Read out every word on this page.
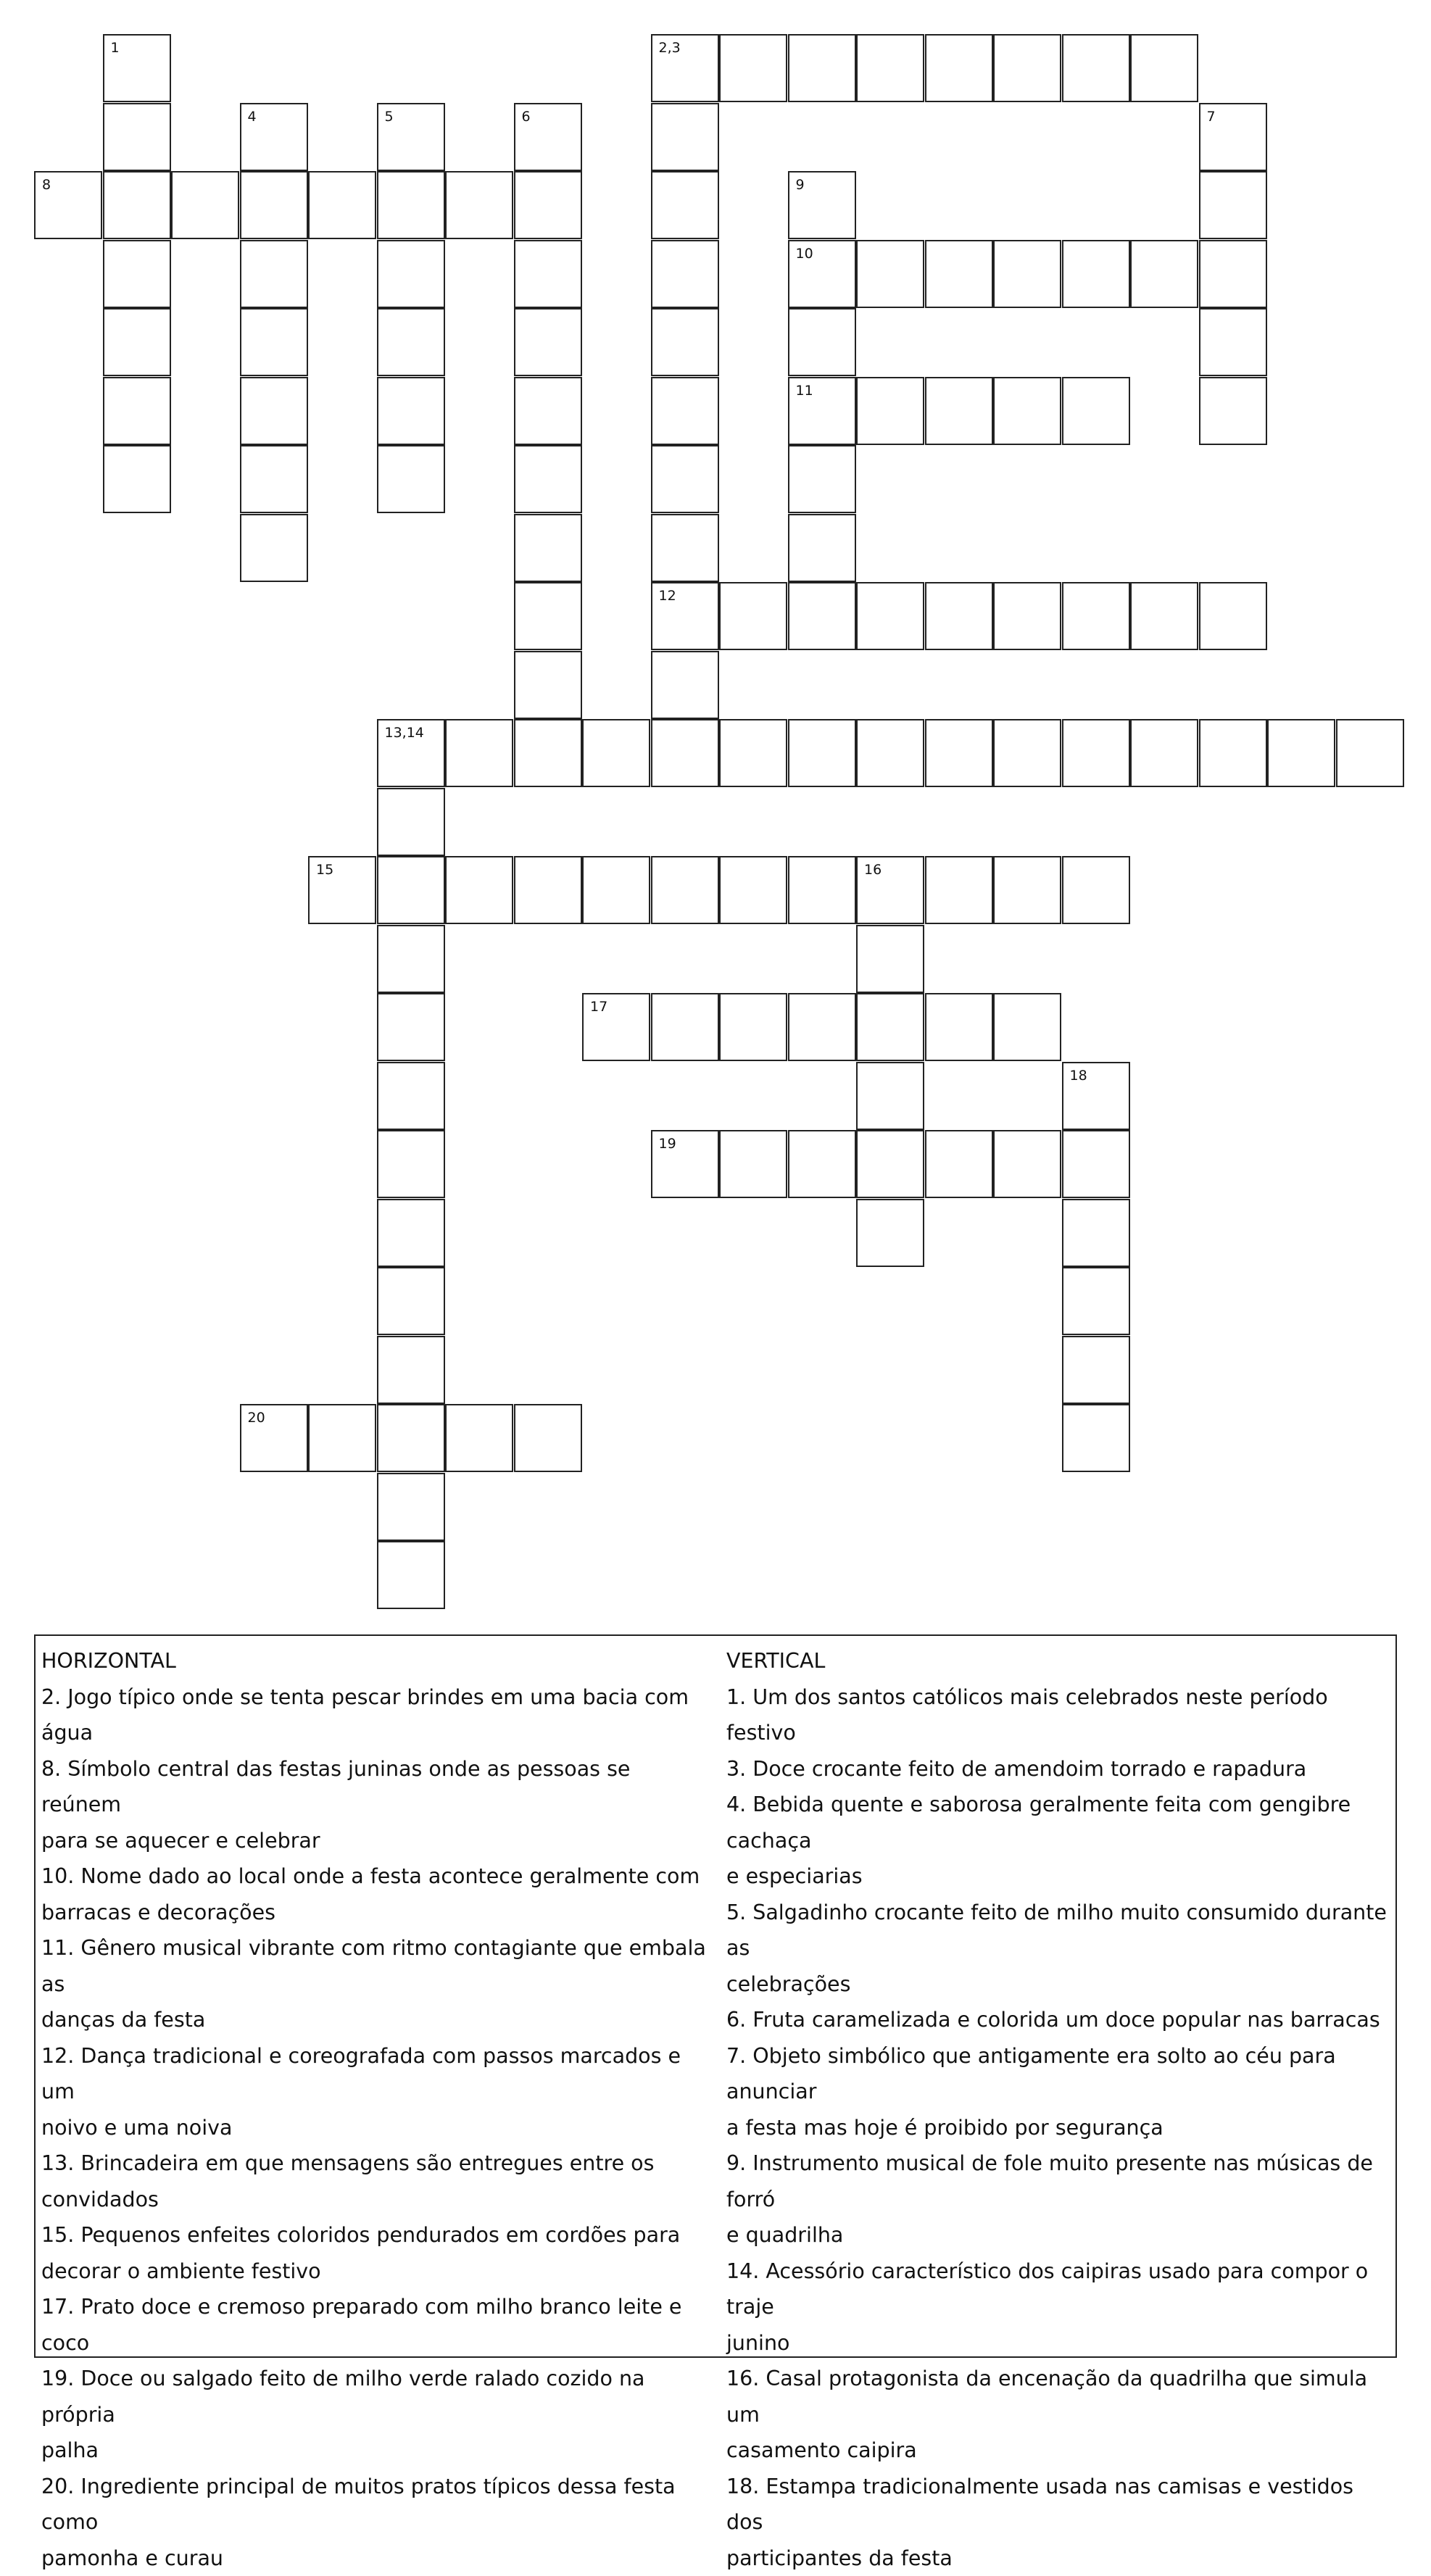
1	2,3
4	5	6	7
8	9
10
11
12
13,14
15	16
17
18
19
20
HORIZONTAL
2. Jogo típico onde se tenta pescar brindes em uma bacia com água
8. Símbolo central das festas juninas onde as pessoas se reúnem
para se aquecer e celebrar
10. Nome dado ao local onde a festa acontece geralmente com
barracas e decorações
11. Gênero musical vibrante com ritmo contagiante que embala as
danças da festa
12. Dança tradicional e coreografada com passos marcados e um
noivo e uma noiva
13. Brincadeira em que mensagens são entregues entre os
convidados
15. Pequenos enfeites coloridos pendurados em cordões para
decorar o ambiente festivo
17. Prato doce e cremoso preparado com milho branco leite e coco
19. Doce ou salgado feito de milho verde ralado cozido na própria
palha
20. Ingrediente principal de muitos pratos típicos dessa festa como
pamonha e curau
VERTICAL
1. Um dos santos católicos mais celebrados neste período festivo
3. Doce crocante feito de amendoim torrado e rapadura
4. Bebida quente e saborosa geralmente feita com gengibre cachaça
e especiarias
5. Salgadinho crocante feito de milho muito consumido durante as
celebrações
6. Fruta caramelizada e colorida um doce popular nas barracas
7. Objeto simbólico que antigamente era solto ao céu para anunciar
a festa mas hoje é proibido por segurança
9. Instrumento musical de fole muito presente nas músicas de forró
e quadrilha
14. Acessório característico dos caipiras usado para compor o traje
junino
16. Casal protagonista da encenação da quadrilha que simula um
casamento caipira
18. Estampa tradicionalmente usada nas camisas e vestidos dos
participantes da festa
